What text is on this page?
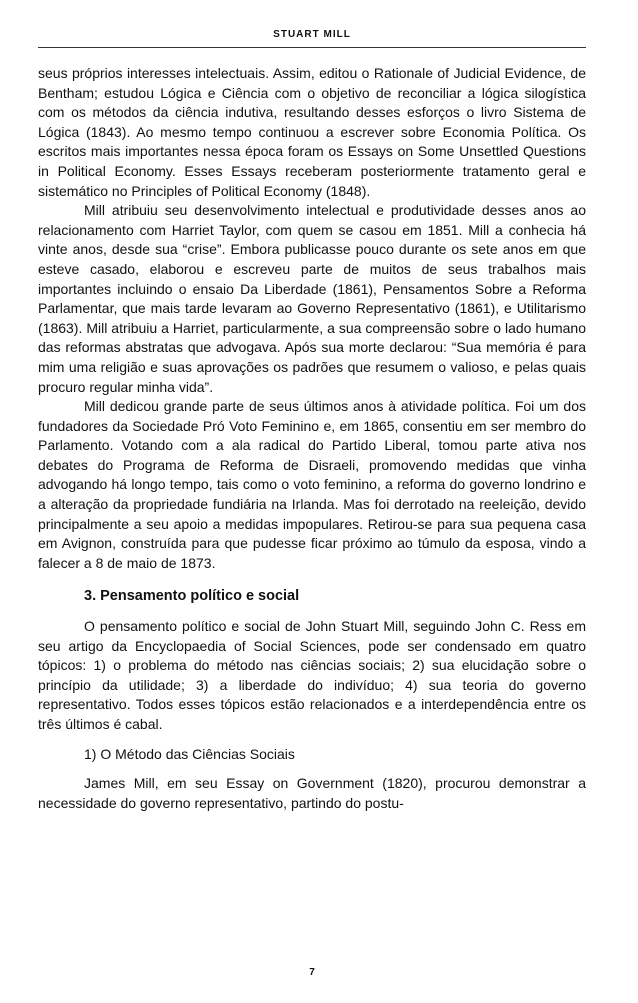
STUART MILL

seus próprios interesses intelectuais. Assim, editou o Rationale of Judicial Evidence, de Bentham; estudou Lógica e Ciência com o objetivo de reconciliar a lógica silogística com os métodos da ciência indutiva, resultando desses esforços o livro Sistema de Lógica (1843). Ao mesmo tempo continuou a escrever sobre Economia Política. Os escritos mais importantes nessa época foram os Essays on Some Unsettled Questions in Political Economy. Esses Essays receberam posteriormente tratamento geral e sistemático no Principles of Political Economy (1848).

Mill atribuiu seu desenvolvimento intelectual e produtividade desses anos ao relacionamento com Harriet Taylor, com quem se casou em 1851. Mill a conhecia há vinte anos, desde sua “crise”. Embora publicasse pouco durante os sete anos em que esteve casado, elaborou e escreveu parte de muitos de seus trabalhos mais importantes incluindo o ensaio Da Liberdade (1861), Pensamentos Sobre a Reforma Parlamentar, que mais tarde levaram ao Governo Representativo (1861), e Utilitarismo (1863). Mill atribuiu a Harriet, particularmente, a sua compreensão sobre o lado humano das reformas abstratas que advogava. Após sua morte declarou: “Sua memória é para mim uma religião e suas aprovações os padrões que resumem o valioso, e pelas quais procuro regular minha vida”.

Mill dedicou grande parte de seus últimos anos à atividade política. Foi um dos fundadores da Sociedade Pró Voto Feminino e, em 1865, consentiu em ser membro do Parlamento. Votando com a ala radical do Partido Liberal, tomou parte ativa nos debates do Programa de Reforma de Disraeli, promovendo medidas que vinha advogando há longo tempo, tais como o voto feminino, a reforma do governo londrino e a alteração da propriedade fundiária na Irlanda. Mas foi derrotado na reeleição, devido principalmente a seu apoio a medidas impopulares. Retirou-se para sua pequena casa em Avignon, construída para que pudesse ficar próximo ao túmulo da esposa, vindo a falecer a 8 de maio de 1873.

3. Pensamento político e social

O pensamento político e social de John Stuart Mill, seguindo John C. Ress em seu artigo da Encyclopaedia of Social Sciences, pode ser condensado em quatro tópicos: 1) o problema do método nas ciências sociais; 2) sua elucidação sobre o princípio da utilidade; 3) a liberdade do indivíduo; 4) sua teoria do governo representativo. Todos esses tópicos estão relacionados e a interdependência entre os três últimos é cabal.

1) O Método das Ciências Sociais

James Mill, em seu Essay on Government (1820), procurou demonstrar a necessidade do governo representativo, partindo do postu-

7
